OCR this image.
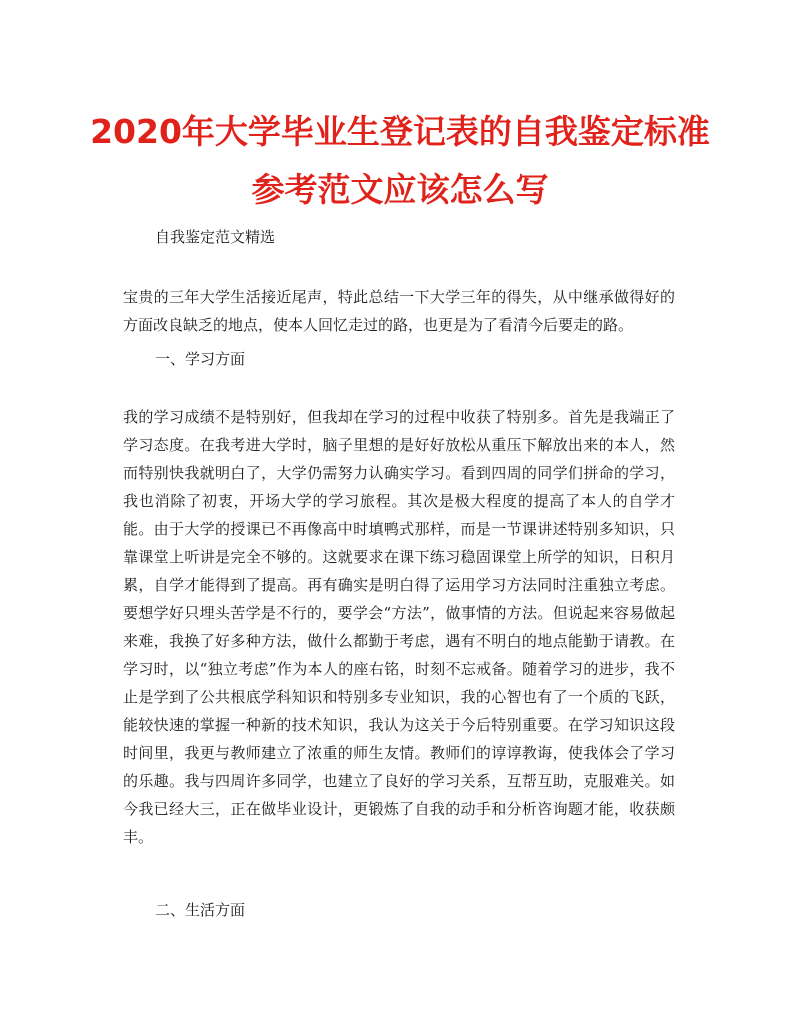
2020年大学毕业生登记表的自我鉴定标准
参考范文应该怎么写

自我鉴定范文精选

宝贵的三年大学生活接近尾声，特此总结一下大学三年的得失，从中继承做得好的方面改良缺乏的地点，使本人回忆走过的路，也更是为了看清今后要走的路。

一、学习方面

我的学习成绩不是特别好，但我却在学习的过程中收获了特别多。首先是我端正了学习态度。在我考进大学时，脑子里想的是好好放松从重压下解放出来的本人，然而特别快我就明白了，大学仍需努力认确实学习。看到四周的同学们拼命的学习，我也消除了初衷，开场大学的学习旅程。其次是极大程度的提高了本人的自学才能。由于大学的授课已不再像高中时填鸭式那样，而是一节课讲述特别多知识，只靠课堂上听讲是完全不够的。这就要求在课下练习稳固课堂上所学的知识，日积月累，自学才能得到了提高。再有确实是明白得了运用学习方法同时注重独立考虑。要想学好只埋头苦学是不行的，要学会“方法”，做事情的方法。但说起来容易做起来难，我换了好多种方法，做什么都勤于考虑，遇有不明白的地点能勤于请教。在学习时，以“独立考虑”作为本人的座右铭，时刻不忘戒备。随着学习的进步，我不止是学到了公共根底学科知识和特别多专业知识，我的心智也有了一个质的飞跃，能较快速的掌握一种新的技术知识，我认为这关于今后特别重要。在学习知识这段时间里，我更与教师建立了浓重的师生友情。教师们的谆谆教诲，使我体会了学习的乐趣。我与四周许多同学，也建立了良好的学习关系，互帮互助，克服难关。如今我已经大三，正在做毕业设计，更锻炼了自我的动手和分析咨询题才能，收获颇丰。

二、生活方面
